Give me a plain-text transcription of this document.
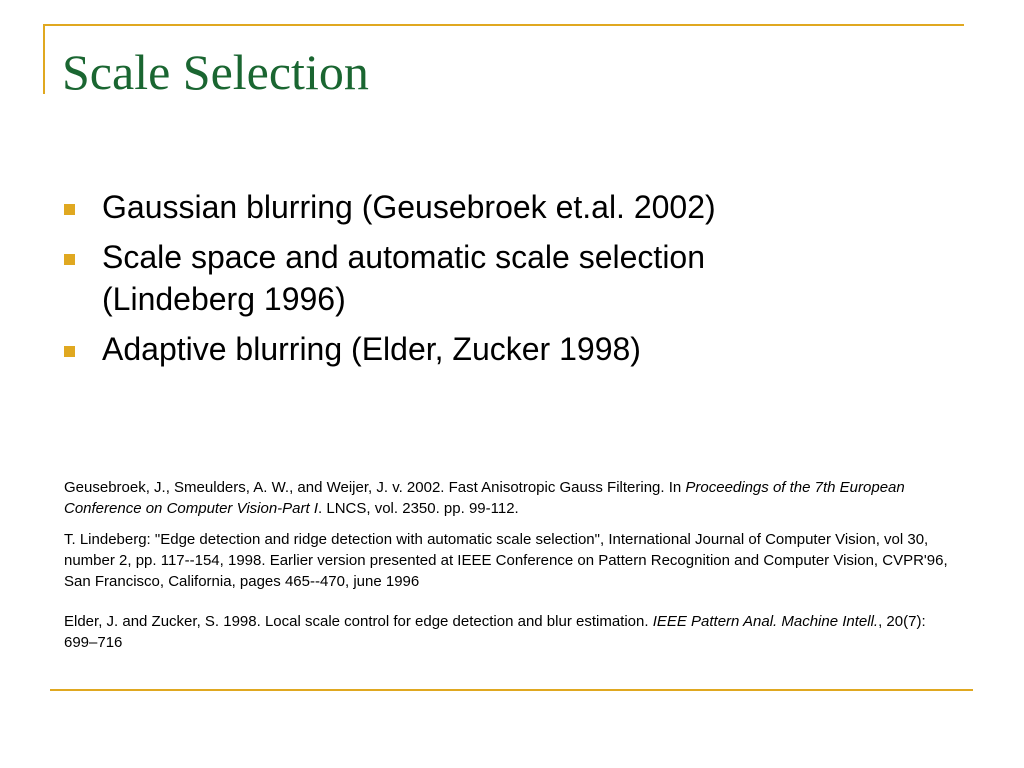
Scale Selection
Gaussian blurring (Geusebroek et.al. 2002)
Scale space and automatic scale selection (Lindeberg 1996)
Adaptive blurring (Elder, Zucker 1998)

Geusebroek, J., Smeulders, A. W., and Weijer, J. v. 2002. Fast Anisotropic Gauss Filtering. In Proceedings of the 7th European Conference on Computer Vision-Part I. LNCS, vol. 2350. pp. 99-112.

T. Lindeberg: "Edge detection and ridge detection with automatic scale selection", International Journal of Computer Vision, vol 30, number 2, pp. 117--154, 1998. Earlier version presented at IEEE Conference on Pattern Recognition and Computer Vision, CVPR'96, San Francisco, California, pages 465--470, june 1996

Elder, J. and Zucker, S. 1998. Local scale control for edge detection and blur estimation. IEEE Pattern Anal. Machine Intell., 20(7): 699–716
